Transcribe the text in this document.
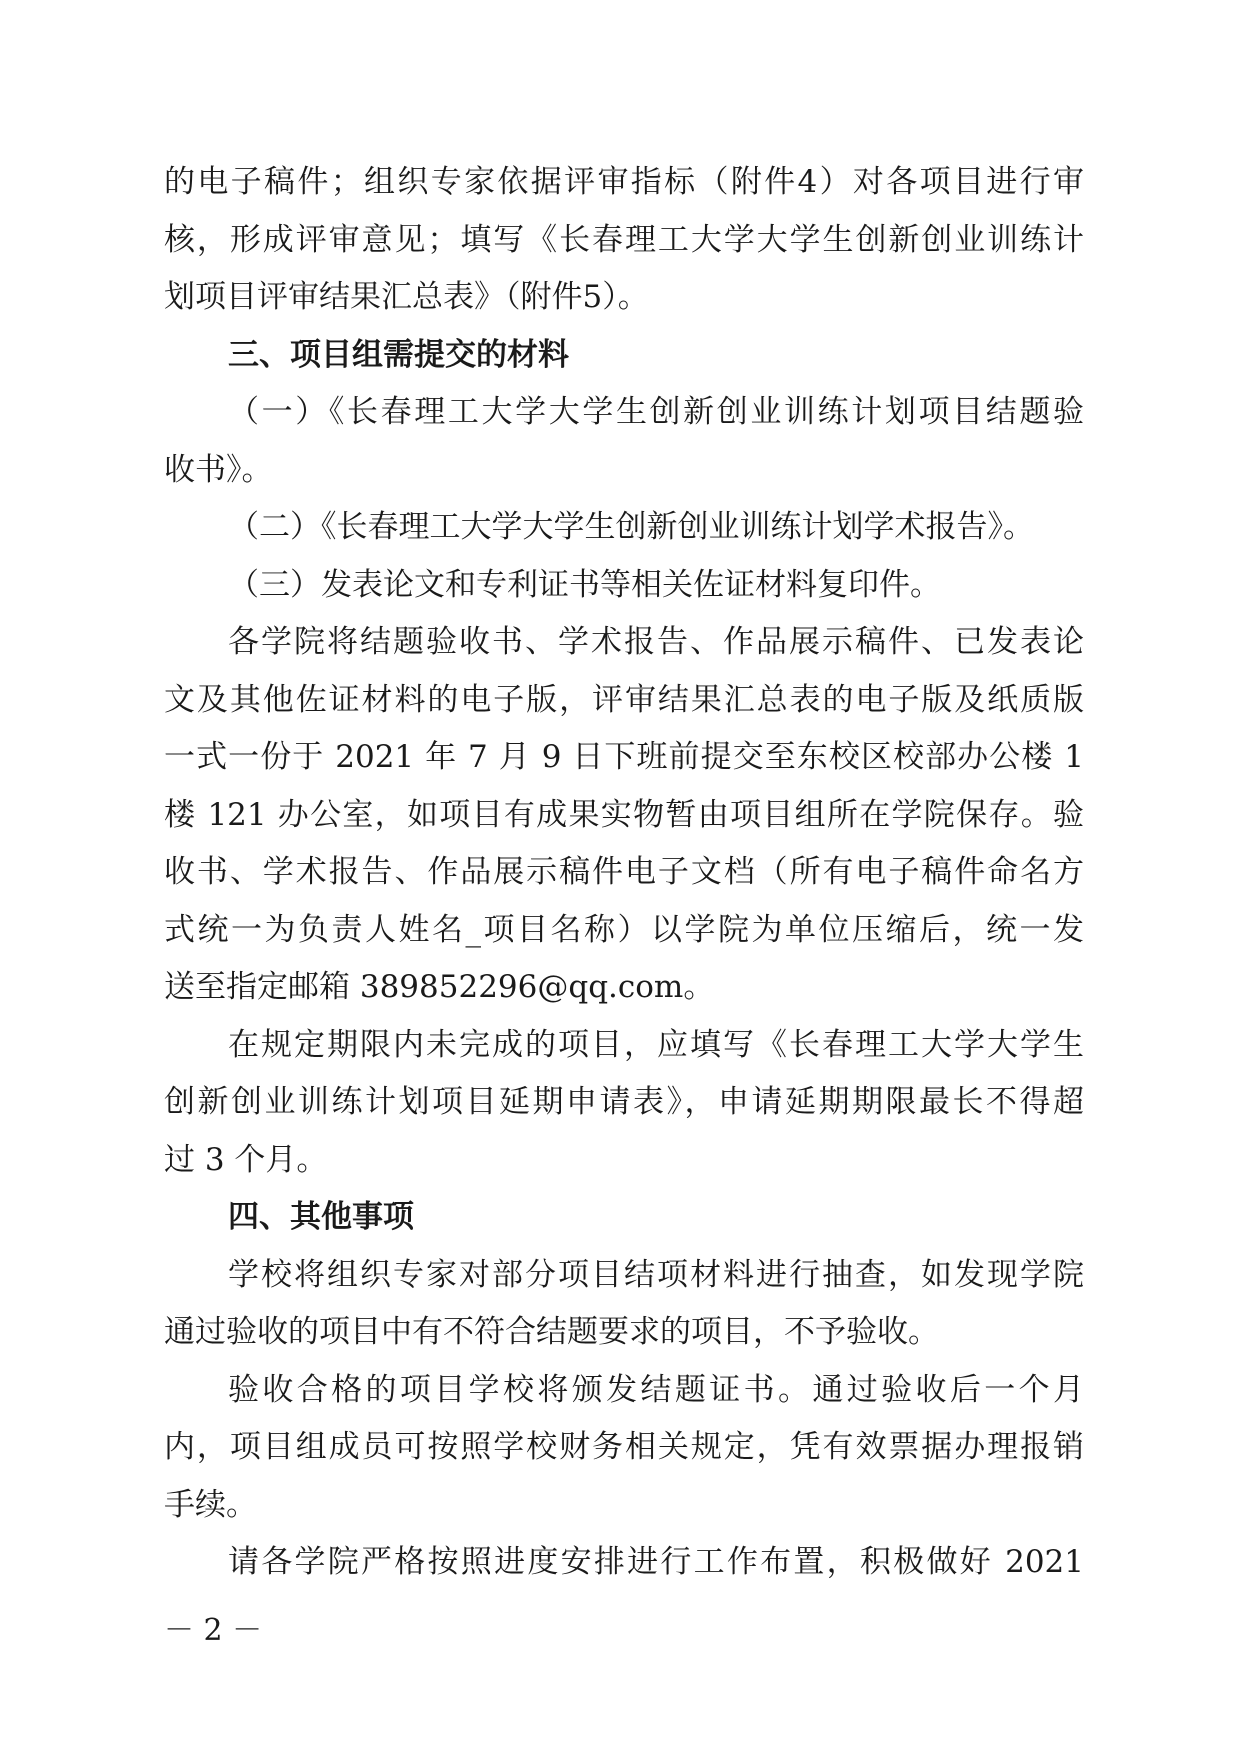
的电子稿件；组织专家依据评审指标（附件4）对各项目进行审
核，形成评审意见；填写《长春理工大学大学生创新创业训练计
划项目评审结果汇总表》（附件5）。
三、项目组需提交的材料
（一）《长春理工大学大学生创新创业训练计划项目结题验
收书》。
（二）《长春理工大学大学生创新创业训练计划学术报告》。
（三）发表论文和专利证书等相关佐证材料复印件。
各学院将结题验收书、学术报告、作品展示稿件、已发表论
文及其他佐证材料的电子版，评审结果汇总表的电子版及纸质版
一式一份于 2021 年 7 月 9 日下班前提交至东校区校部办公楼 1
楼 121 办公室，如项目有成果实物暂由项目组所在学院保存。验
收书、学术报告、作品展示稿件电子文档（所有电子稿件命名方
式统一为负责人姓名_项目名称）以学院为单位压缩后，统一发
送至指定邮箱 389852296@qq.com。
在规定期限内未完成的项目，应填写《长春理工大学大学生
创新创业训练计划项目延期申请表》，申请延期期限最长不得超
过 3 个月。
四、其他事项
学校将组织专家对部分项目结项材料进行抽查，如发现学院
通过验收的项目中有不符合结题要求的项目，不予验收。
验收合格的项目学校将颁发结题证书。通过验收后一个月
内，项目组成员可按照学校财务相关规定，凭有效票据办理报销
手续。
请各学院严格按照进度安排进行工作布置，积极做好 2021
－ 2 －
